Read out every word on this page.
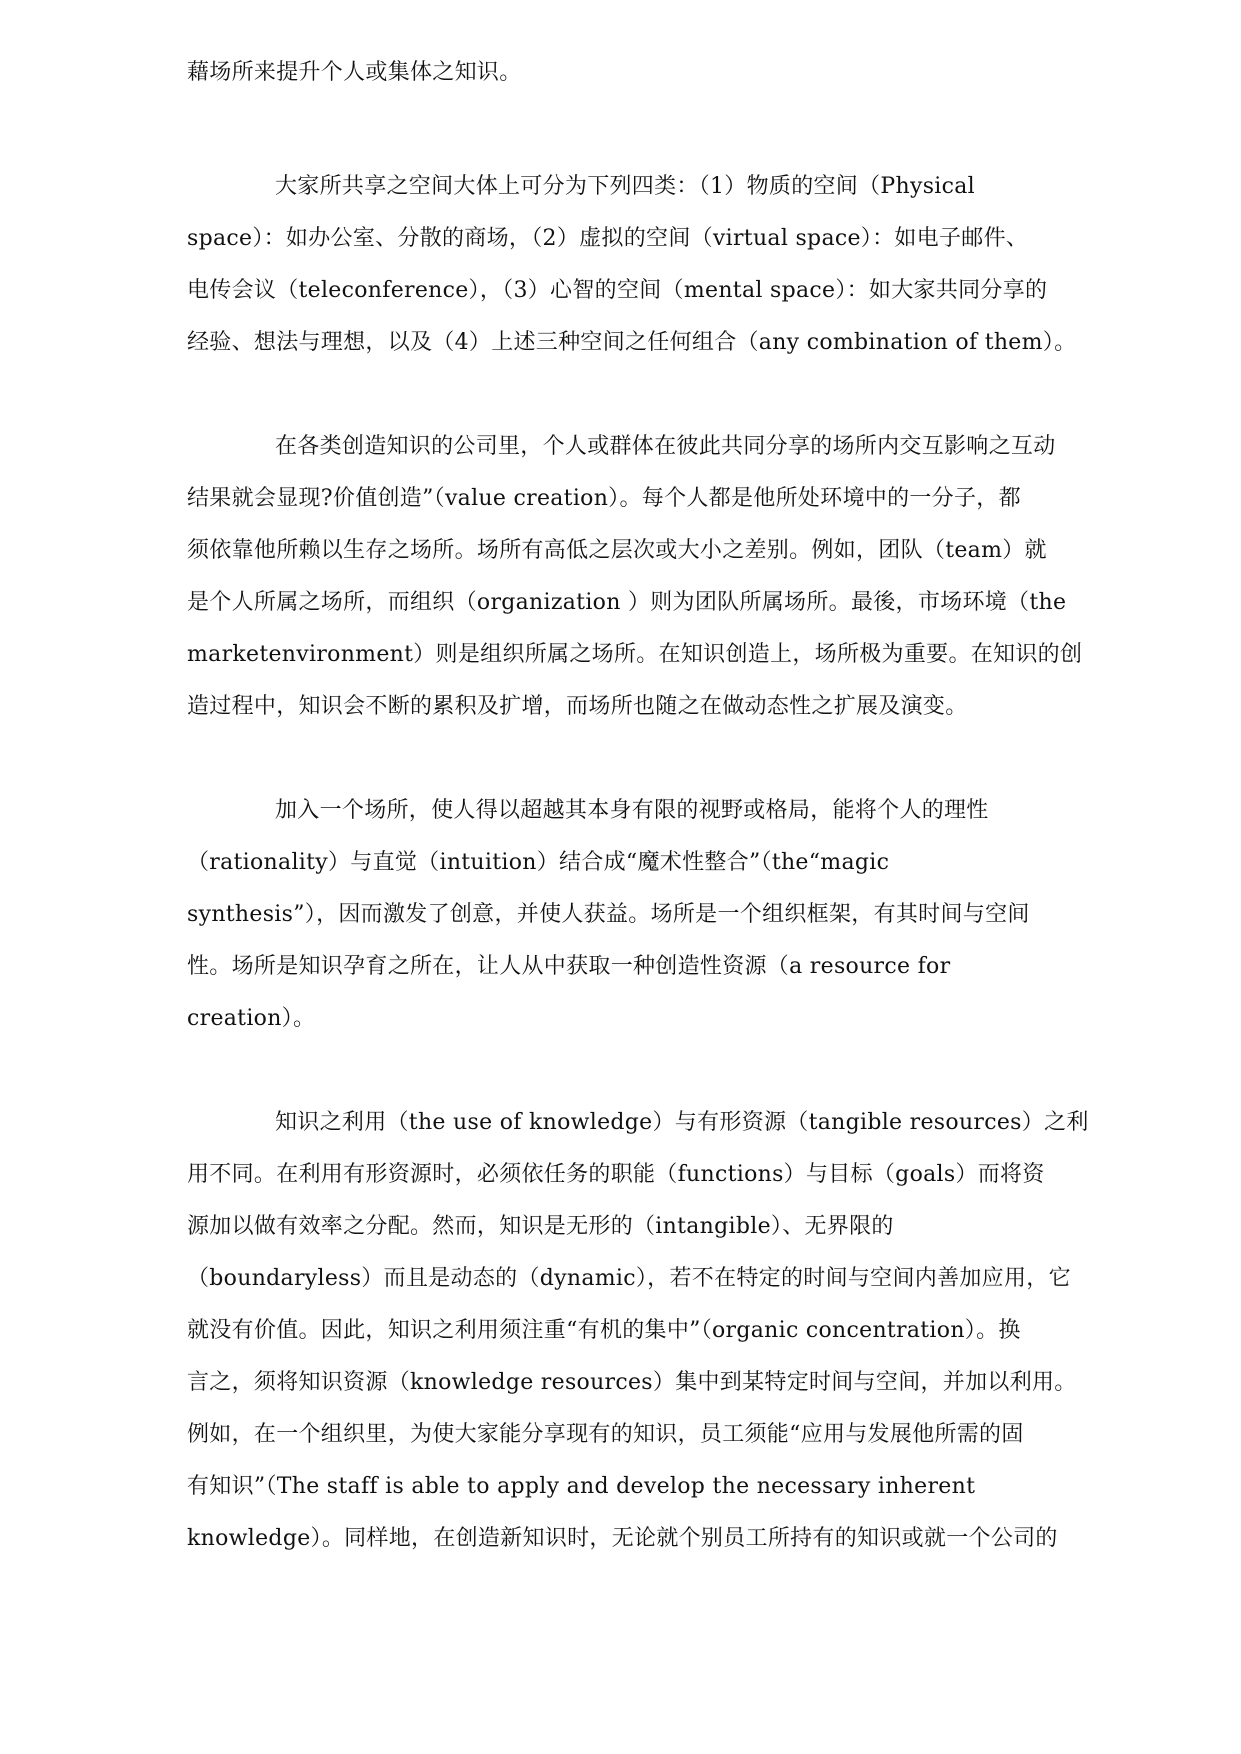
藉场所来提升个人或集体之知识。
大家所共享之空间大体上可分为下列四类：（1）物质的空间（Physical
space）：如办公室、分散的商场，（2）虚拟的空间（virtual space）：如电子邮件、
电传会议（teleconference），（3）心智的空间（mental space）：如大家共同分享的
经验、想法与理想，以及（4）上述三种空间之任何组合（any combination of them）。
在各类创造知识的公司里，个人或群体在彼此共同分享的场所内交互影响之互动
结果就会显现?价值创造”（value creation）。每个人都是他所处环境中的一分子，都
须依靠他所赖以生存之场所。场所有高低之层次或大小之差别。例如，团队（team）就
是个人所属之场所，而组织（organization ）则为团队所属场所。最後，市场环境（the
marketenvironment）则是组织所属之场所。在知识创造上，场所极为重要。在知识的创
造过程中，知识会不断的累积及扩增，而场所也随之在做动态性之扩展及演变。
加入一个场所，使人得以超越其本身有限的视野或格局，能将个人的理性
（rationality）与直觉（intuition）结合成“魔术性整合”（the“magic
synthesis”），因而激发了创意，并使人获益。场所是一个组织框架，有其时间与空间
性。场所是知识孕育之所在，让人从中获取一种创造性资源（a resource for
creation）。
知识之利用（the use of knowledge）与有形资源（tangible resources）之利
用不同。在利用有形资源时，必须依任务的职能（functions）与目标（goals）而将资
源加以做有效率之分配。然而，知识是无形的（intangible）、无界限的
（boundaryless）而且是动态的（dynamic），若不在特定的时间与空间内善加应用，它
就没有价值。因此，知识之利用须注重“有机的集中”（organic concentration）。换
言之，须将知识资源（knowledge resources）集中到某特定时间与空间，并加以利用。
例如，在一个组织里，为使大家能分享现有的知识，员工须能“应用与发展他所需的固
有知识”（The staff is able to apply and develop the necessary inherent
knowledge）。同样地，在创造新知识时，无论就个别员工所持有的知识或就一个公司的
